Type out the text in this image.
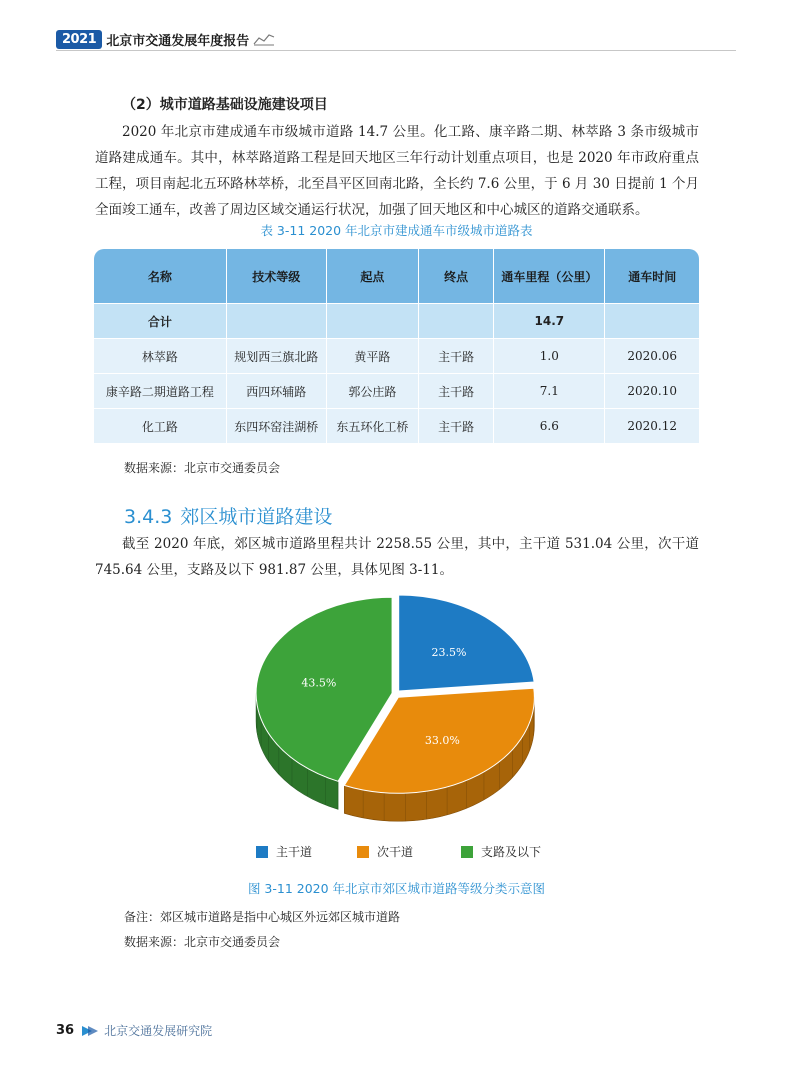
2021 北京市交通发展年度报告
（2）城市道路基础设施建设项目

2020 年北京市建成通车市级城市道路 14.7 公里。化工路、康辛路二期、林萃路 3 条市级城市道路建成通车。其中，林萃路道路工程是回天地区三年行动计划重点项目，也是 2020 年市政府重点工程，项目南起北五环路林萃桥，北至昌平区回南北路，全长约 7.6 公里，于 6 月 30 日提前 1 个月全面竣工通车，改善了周边区域交通运行状况，加强了回天地区和中心城区的道路交通联系。

表 3-11 2020 年北京市建成通车市级城市道路表
名称	技术等级	起点	终点	通车里程（公里）	通车时间
合计				14.7	
林萃路	规划西三旗北路	黄平路	主干路	1.0	2020.06
康辛路二期道路工程	西四环辅路	郭公庄路	主干路	7.1	2020.10
化工路	东四环窑洼湖桥	东五环化工桥	主干路	6.6	2020.12
数据来源：北京市交通委员会
3.4.3 郊区城市道路建设

截至 2020 年底，郊区城市道路里程共计 2258.55 公里，其中，主干道 531.04 公里，次干道 745.64 公里，支路及以下 981.87 公里，具体见图 3-11。

23.5%
33.0%
43.5%
主干道	次干道	支路及以下
图 3-11 2020 年北京市郊区城市道路等级分类示意图
备注：郊区城市道路是指中心城区外远郊区城市道路
数据来源：北京市交通委员会
36	北京交通发展研究院
